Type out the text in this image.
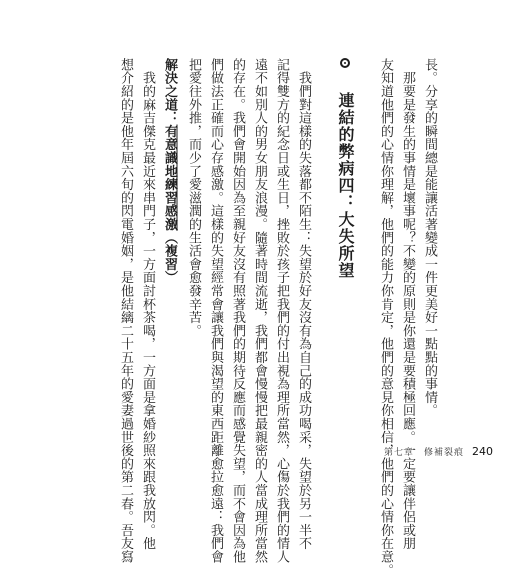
長。分享的瞬間總是能讓活著變成一件更美好一點點的事情。
　那要是發生的事情是壞事呢？不變的原則是你還是要積極回應。一定要讓伴侶或朋
友知道他們的心情你理解，他們的能力你肯定，他們的意見你相信，他們的心情你在意。
連結的弊病四：大失所望
　我們對這樣的失落都不陌生：失望於好友沒有為自己的成功喝采，失望於另一半不
記得雙方的紀念日或生日，挫敗於孩子把我們的付出視為理所當然，心傷於我們的情人
遠不如別人的男女朋友浪漫。隨著時間流逝，我們都會慢慢把最親密的人當成理所當然
的存在。我們會開始因為至親好友沒有照著我們的期待反應而感覺失望，而不會因為他
們做法正確而心存感激。這樣的失望經常會讓我們與渴望的東西距離愈拉愈遠：我們會
把愛往外推，而少了愛滋潤的生活會愈發辛苦。
解決之道：有意識地練習感激（複習）
　我的麻吉傑克最近來串門子，一方面討杯茶喝，一方面是拿婚紗照來跟我放閃。他
想介紹的是他年屆六旬的閃電婚姻，是他結縭二十五年的愛妻過世後的第二春。吾友寫	第七章　修補裂痕 240
